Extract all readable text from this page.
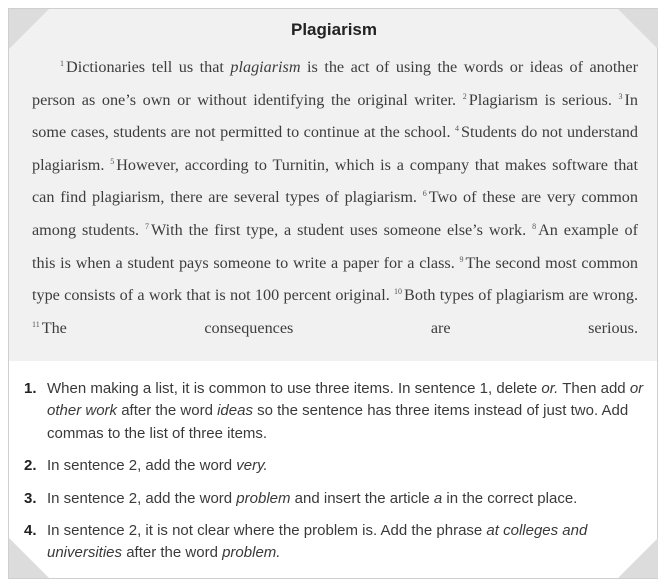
Plagiarism

$^1$ Dictionaries tell us that plagiarism is the act of using the words or ideas of another person as one’s own or without identifying the original writer. $^2$ Plagiarism is serious. $^3$ In some cases, students are not permitted to continue at the school. $^4$ Students do not understand plagiarism. $^5$ However, according to Turnitin, which is a company that makes software that can find plagiarism, there are several types of plagiarism. $^6$ Two of these are very common among students. $^7$ With the first type, a student uses someone else’s work. $^8$ An example of this is when a student pays someone to write a paper for a class. $^9$ The second most common type consists of a work that is not 100 percent original. $^{10}$ Both types of plagiarism are wrong. $^{11}$ The consequences are serious.

1. When making a list, it is common to use three items. In sentence 1, delete or. Then add or other work after the word ideas so the sentence has three items instead of just two. Add commas to the list of three items.
2. In sentence 2, add the word very.
3. In sentence 2, add the word problem and insert the article a in the correct place.
4. In sentence 2, it is not clear where the problem is. Add the phrase at colleges and universities after the word problem.
